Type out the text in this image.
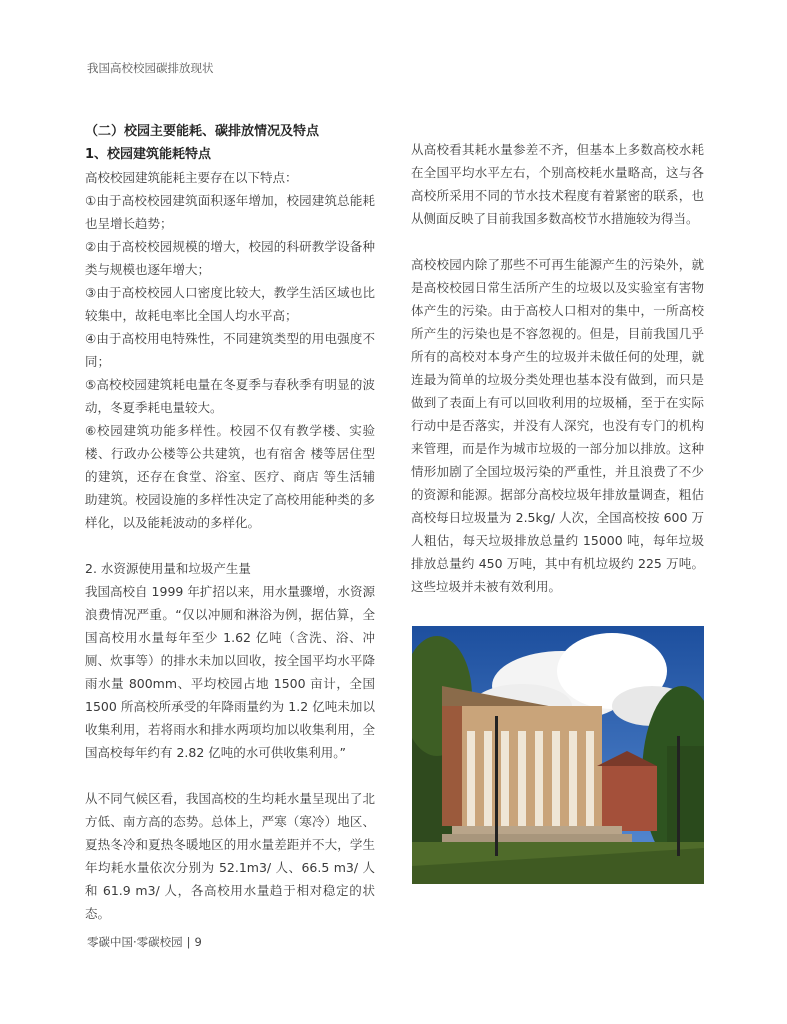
我国高校校园碳排放现状

（二）校园主要能耗、碳排放情况及特点

1、校园建筑能耗特点

高校校园建筑能耗主要存在以下特点：

①由于高校校园建筑面积逐年增加，校园建筑总能耗也呈增长趋势；

②由于高校校园规模的增大，校园的科研教学设备种类与规模也逐年增大；

③由于高校校园人口密度比较大，教学生活区域也比较集中，故耗电率比全国人均水平高；

④由于高校用电特殊性，不同建筑类型的用电强度不同；

⑤高校校园建筑耗电量在冬夏季与春秋季有明显的波动，冬夏季耗电量较大。

⑥校园建筑功能多样性。校园不仅有教学楼、实验楼、行政办公楼等公共建筑，也有宿舍 楼等居住型的建筑，还存在食堂、浴室、医疗、商店 等生活辅助建筑。校园设施的多样性决定了高校用能种类的多样化，以及能耗波动的多样化。

2. 水资源使用量和垃圾产生量

我国高校自 1999 年扩招以来，用水量骤增，水资源浪费情况严重。“仅以冲厕和淋浴为例，据估算，全国高校用水量每年至少 1.62 亿吨（含洗、浴、冲厕、炊事等）的排水未加以回收，按全国平均水平降雨水量 800mm、平均校园占地 1500 亩计，全国 1500 所高校所承受的年降雨量约为 1.2 亿吨未加以收集利用，若将雨水和排水两项均加以收集利用，全国高校每年约有 2.82 亿吨的水可供收集利用。”

从不同气候区看，我国高校的生均耗水量呈现出了北方低、南方高的态势。总体上，严寒（寒冷）地区、夏热冬冷和夏热冬暖地区的用水量差距并不大，学生年均耗水量依次分别为 52.1m3/ 人、66.5 m3/ 人和 61.9 m3/ 人，各高校用水量趋于相对稳定的状态。

从高校看其耗水量参差不齐，但基本上多数高校水耗在全国平均水平左右，个别高校耗水量略高，这与各高校所采用不同的节水技术程度有着紧密的联系，也从侧面反映了目前我国多数高校节水措施较为得当。

高校校园内除了那些不可再生能源产生的污染外，就是高校校园日常生活所产生的垃圾以及实验室有害物体产生的污染。由于高校人口相对的集中，一所高校所产生的污染也是不容忽视的。但是，目前我国几乎所有的高校对本身产生的垃圾并未做任何的处理，就连最为简单的垃圾分类处理也基本没有做到，而只是做到了表面上有可以回收利用的垃圾桶，至于在实际行动中是否落实，并没有人深究，也没有专门的机构来管理，而是作为城市垃圾的一部分加以排放。这种情形加剧了全国垃圾污染的严重性，并且浪费了不少的资源和能源。据部分高校垃圾年排放量调查，粗估高校每日垃圾量为 2.5kg/ 人次，全国高校按 600 万人粗估，每天垃圾排放总量约 15000 吨，每年垃圾排放总量约 450 万吨，其中有机垃圾约 225 万吨。这些垃圾并未被有效利用。

零碳中国·零碳校园 | 9
